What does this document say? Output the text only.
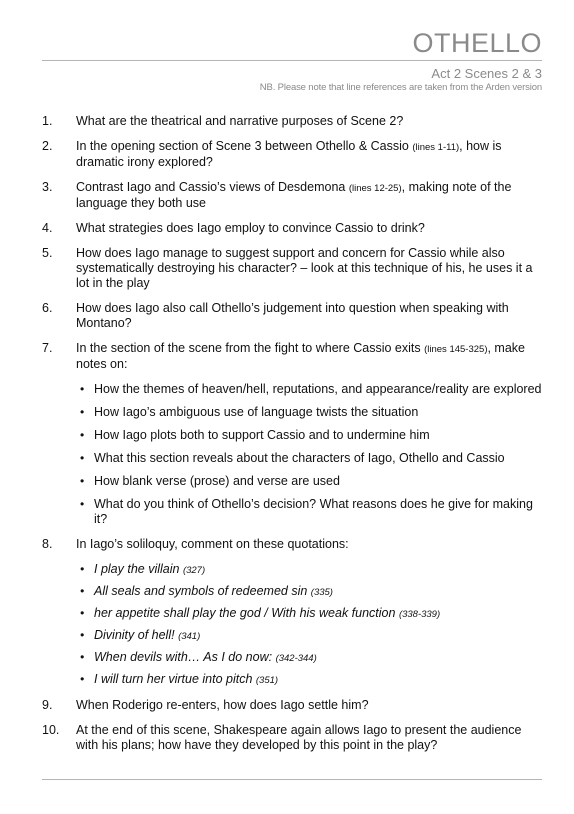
OTHELLO
Act 2 Scenes 2 & 3
NB. Please note that line references are taken from the Arden version
1. What are the theatrical and narrative purposes of Scene 2?
2. In the opening section of Scene 3 between Othello & Cassio (lines 1-11), how is dramatic irony explored?
3. Contrast Iago and Cassio’s views of Desdemona (lines 12-25), making note of the language they both use
4. What strategies does Iago employ to convince Cassio to drink?
5. How does Iago manage to suggest support and concern for Cassio while also systematically destroying his character? – look at this technique of his, he uses it a lot in the play
6. How does Iago also call Othello’s judgement into question when speaking with Montano?
7. In the section of the scene from the fight to where Cassio exits (lines 145-325), make notes on:
• How the themes of heaven/hell, reputations, and appearance/reality are explored
• How Iago’s ambiguous use of language twists the situation
• How Iago plots both to support Cassio and to undermine him
• What this section reveals about the characters of Iago, Othello and Cassio
• How blank verse (prose) and verse are used
• What do you think of Othello’s decision? What reasons does he give for making it?
8. In Iago’s soliloquy, comment on these quotations:
• I play the villain (327)
• All seals and symbols of redeemed sin (335)
• her appetite shall play the god / With his weak function (338-339)
• Divinity of hell! (341)
• When devils with… As I do now: (342-344)
• I will turn her virtue into pitch (351)
9. When Roderigo re-enters, how does Iago settle him?
10. At the end of this scene, Shakespeare again allows Iago to present the audience with his plans; how have they developed by this point in the play?
